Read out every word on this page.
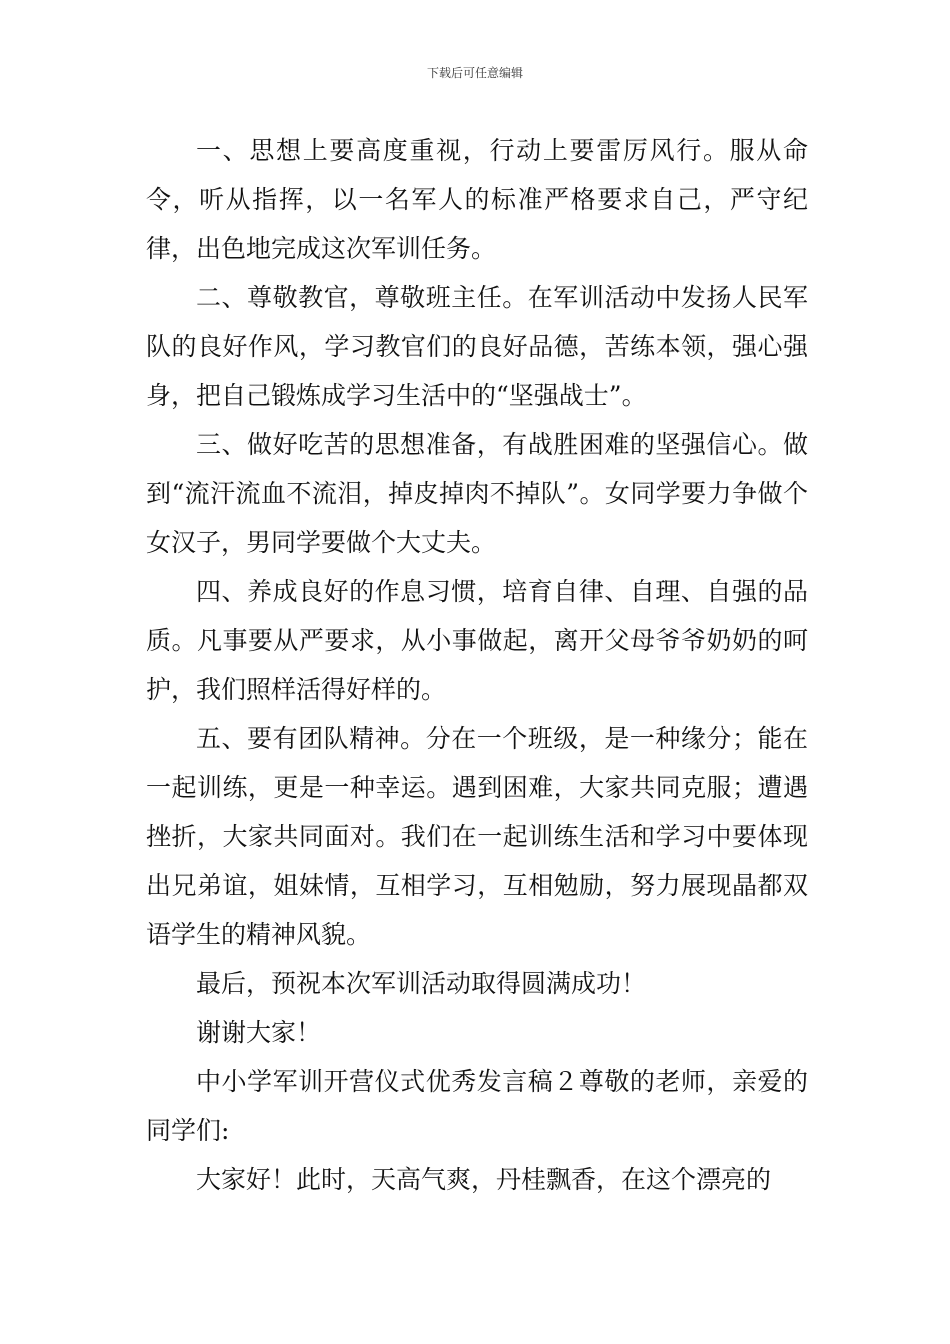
下载后可任意编辑

一、思想上要高度重视，行动上要雷厉风行。服从命令，听从指挥，以一名军人的标准严格要求自己，严守纪律，出色地完成这次军训任务。

二、尊敬教官，尊敬班主任。在军训活动中发扬人民军队的良好作风，学习教官们的良好品德，苦练本领，强心强身，把自己锻炼成学习生活中的“坚强战士”。

三、做好吃苦的思想准备，有战胜困难的坚强信心。做到“流汗流血不流泪，掉皮掉肉不掉队”。女同学要力争做个女汉子，男同学要做个大丈夫。

四、养成良好的作息习惯，培育自律、自理、自强的品质。凡事要从严要求，从小事做起，离开父母爷爷奶奶的呵护，我们照样活得好样的。

五、要有团队精神。分在一个班级，是一种缘分；能在一起训练，更是一种幸运。遇到困难，大家共同克服；遭遇挫折，大家共同面对。我们在一起训练生活和学习中要体现出兄弟谊，姐妹情，互相学习，互相勉励，努力展现晶都双语学生的精神风貌。

最后，预祝本次军训活动取得圆满成功！

谢谢大家！

中小学军训开营仪式优秀发言稿２尊敬的老师，亲爱的同学们:

大家好！此时，天高气爽，丹桂飘香，在这个漂亮的
